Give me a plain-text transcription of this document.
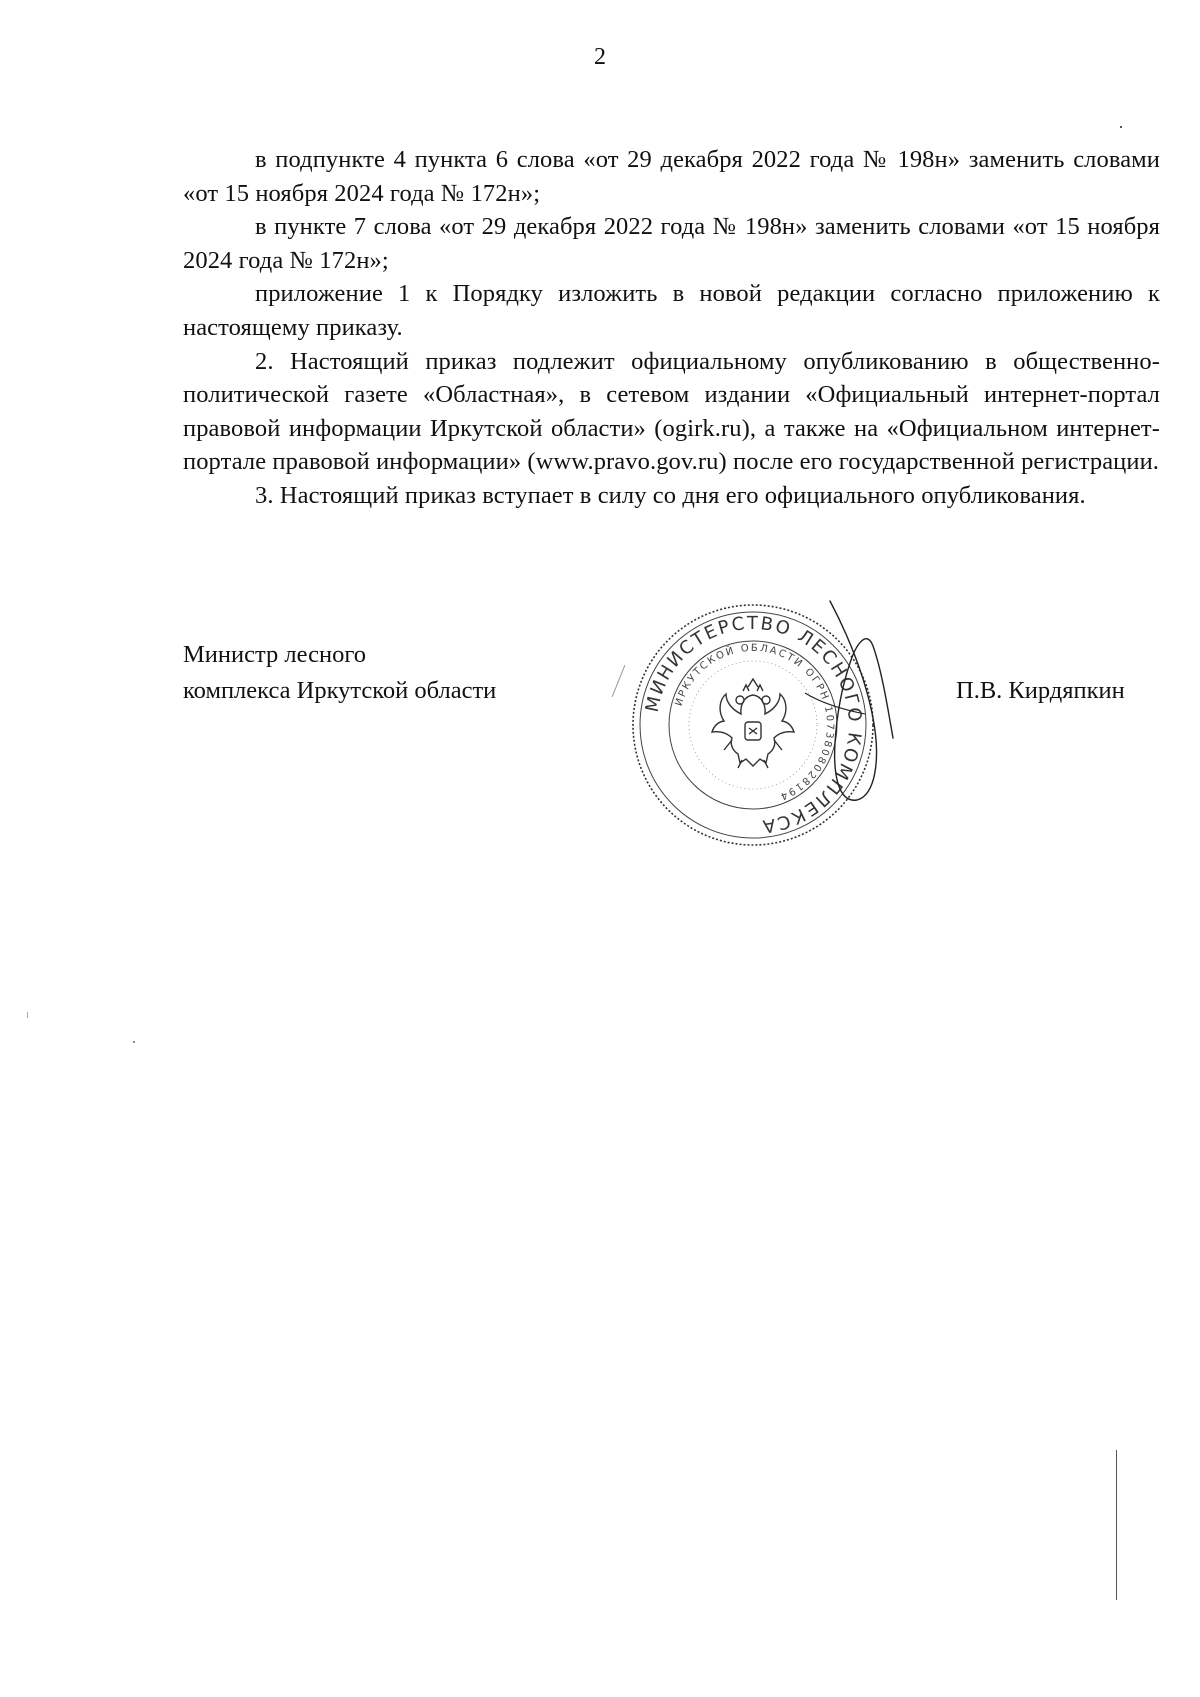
2

в подпункте 4 пункта 6 слова «от 29 декабря 2022 года № 198н» заменить словами «от 15 ноября 2024 года № 172н»;

в пункте 7 слова «от 29 декабря 2022 года № 198н» заменить словами «от 15 ноября 2024 года № 172н»;

приложение 1 к Порядку изложить в новой редакции согласно приложению к настоящему приказу.

2. Настоящий приказ подлежит официальному опубликованию в общественно-политической газете «Областная», в сетевом издании «Официальный интернет-портал правовой информации Иркутской области» (ogirk.ru), а также на «Официальном интернет-портале правовой информации» (www.pravo.gov.ru) после его государственной регистрации.

3. Настоящий приказ вступает в силу со дня его официального опубликования.

Министр лесного
комплекса Иркутской области	МИНИСТЕРСТВО ЛЕСНОГО КОМПЛЕКСА
ИРКУТСКОЙ ОБЛАСТИ ОГРН 1073808028194
П.В. Кирдяпкин
